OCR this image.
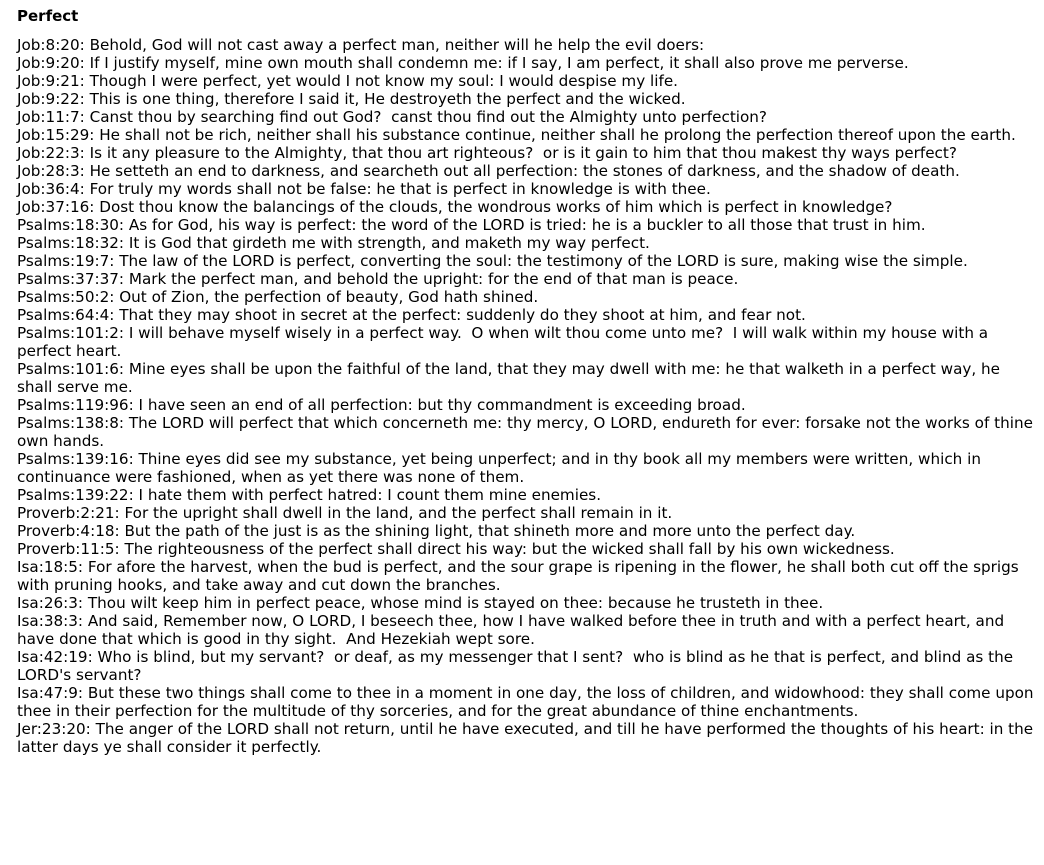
Perfect
Job:8:20: Behold, God will not cast away a perfect man, neither will he help the evil doers:
Job:9:20: If I justify myself, mine own mouth shall condemn me: if I say, I am perfect, it shall also prove me perverse.
Job:9:21: Though I were perfect, yet would I not know my soul: I would despise my life.
Job:9:22: This is one thing, therefore I said it, He destroyeth the perfect and the wicked.
Job:11:7: Canst thou by searching find out God?  canst thou find out the Almighty unto perfection?
Job:15:29: He shall not be rich, neither shall his substance continue, neither shall he prolong the perfection thereof upon the earth.
Job:22:3: Is it any pleasure to the Almighty, that thou art righteous?  or is it gain to him that thou makest thy ways perfect?
Job:28:3: He setteth an end to darkness, and searcheth out all perfection: the stones of darkness, and the shadow of death.
Job:36:4: For truly my words shall not be false: he that is perfect in knowledge is with thee.
Job:37:16: Dost thou know the balancings of the clouds, the wondrous works of him which is perfect in knowledge?
Psalms:18:30: As for God, his way is perfect: the word of the LORD is tried: he is a buckler to all those that trust in him.
Psalms:18:32: It is God that girdeth me with strength, and maketh my way perfect.
Psalms:19:7: The law of the LORD is perfect, converting the soul: the testimony of the LORD is sure, making wise the simple.
Psalms:37:37: Mark the perfect man, and behold the upright: for the end of that man is peace.
Psalms:50:2: Out of Zion, the perfection of beauty, God hath shined.
Psalms:64:4: That they may shoot in secret at the perfect: suddenly do they shoot at him, and fear not.
Psalms:101:2: I will behave myself wisely in a perfect way.  O when wilt thou come unto me?  I will walk within my house with a perfect heart.
Psalms:101:6: Mine eyes shall be upon the faithful of the land, that they may dwell with me: he that walketh in a perfect way, he shall serve me.
Psalms:119:96: I have seen an end of all perfection: but thy commandment is exceeding broad.
Psalms:138:8: The LORD will perfect that which concerneth me: thy mercy, O LORD, endureth for ever: forsake not the works of thine own hands.
Psalms:139:16: Thine eyes did see my substance, yet being unperfect; and in thy book all my members were written, which in continuance were fashioned, when as yet there was none of them.
Psalms:139:22: I hate them with perfect hatred: I count them mine enemies.
Proverb:2:21: For the upright shall dwell in the land, and the perfect shall remain in it.
Proverb:4:18: But the path of the just is as the shining light, that shineth more and more unto the perfect day.
Proverb:11:5: The righteousness of the perfect shall direct his way: but the wicked shall fall by his own wickedness.
Isa:18:5: For afore the harvest, when the bud is perfect, and the sour grape is ripening in the flower, he shall both cut off the sprigs with pruning hooks, and take away and cut down the branches.
Isa:26:3: Thou wilt keep him in perfect peace, whose mind is stayed on thee: because he trusteth in thee.
Isa:38:3: And said, Remember now, O LORD, I beseech thee, how I have walked before thee in truth and with a perfect heart, and have done that which is good in thy sight.  And Hezekiah wept sore.
Isa:42:19: Who is blind, but my servant?  or deaf, as my messenger that I sent?  who is blind as he that is perfect, and blind as the LORD's servant?
Isa:47:9: But these two things shall come to thee in a moment in one day, the loss of children, and widowhood: they shall come upon thee in their perfection for the multitude of thy sorceries, and for the great abundance of thine enchantments.
Jer:23:20: The anger of the LORD shall not return, until he have executed, and till he have performed the thoughts of his heart: in the latter days ye shall consider it perfectly.
